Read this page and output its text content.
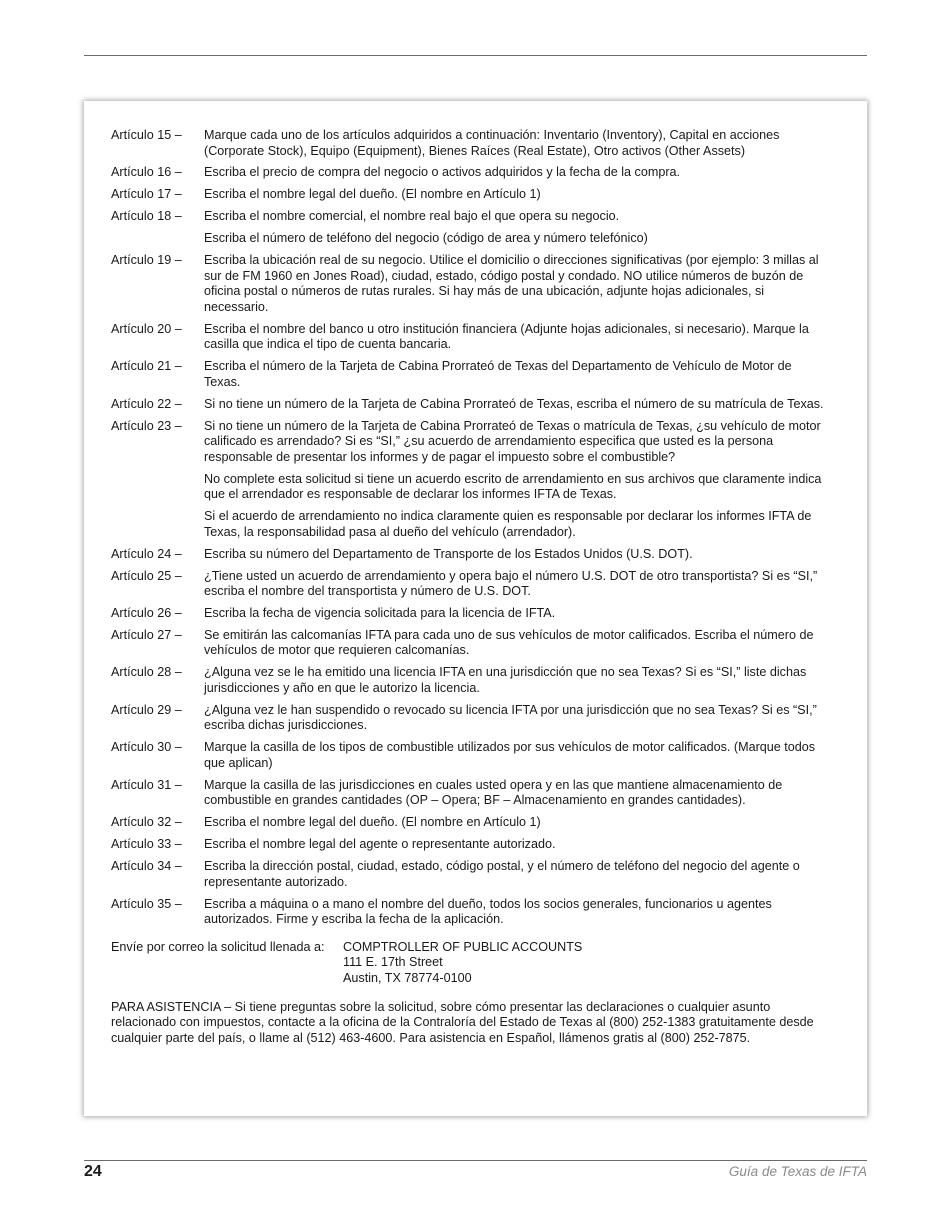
Artículo 15 –	Marque cada uno de los artículos adquiridos a continuación: Inventario (Inventory), Capital en acciones (Corporate Stock), Equipo (Equipment), Bienes Raíces (Real Estate), Otro activos (Other Assets)

Artículo 16 –	Escriba el precio de compra del negocio o activos adquiridos y la fecha de la compra.

Artículo 17 –	Escriba el nombre legal del dueño. (El nombre en Artículo 1)

Artículo 18 –	Escriba el nombre comercial, el nombre real bajo el que opera su negocio.

Escriba el número de teléfono del negocio (código de area y número telefónico)

Artículo 19 –	Escriba la ubicación real de su negocio. Utilice el domicilio o direcciones significativas (por ejemplo: 3 millas al sur de FM 1960 en Jones Road), ciudad, estado, código postal y condado. NO utilice números de buzón de oficina postal o números de rutas rurales. Si hay más de una ubicación, adjunte hojas adicionales, si necessario.

Artículo 20 –	Escriba el nombre del banco u otro institución financiera (Adjunte hojas adicionales, si necesario). Marque la casilla que indica el tipo de cuenta bancaria.

Artículo 21 –	Escriba el número de la Tarjeta de Cabina Prorrateó de Texas del Departamento de Vehículo de Motor de Texas.

Artículo 22 –	Si no tiene un número de la Tarjeta de Cabina Prorrateó de Texas, escriba el número de su matrícula de Texas.

Artículo 23 –	Si no tiene un número de la Tarjeta de Cabina Prorrateó de Texas o matrícula de Texas, ¿su vehículo de motor calificado es arrendado? Si es “SI,” ¿su acuerdo de arrendamiento especifica que usted es la persona responsable de presentar los informes y de pagar el impuesto sobre el combustible?

No complete esta solicitud si tiene un acuerdo escrito de arrendamiento en sus archivos que claramente indica que el arrendador es responsable de declarar los informes IFTA de Texas.

Si el acuerdo de arrendamiento no indica claramente quien es responsable por declarar los informes IFTA de Texas, la responsabilidad pasa al dueño del vehículo (arrendador).

Artículo 24 –	Escriba su número del Departamento de Transporte de los Estados Unidos (U.S. DOT).

Artículo 25 –	¿Tiene usted un acuerdo de arrendamiento y opera bajo el número U.S. DOT de otro transportista? Si es “SI,” escriba el nombre del transportista y número de U.S. DOT.

Artículo 26 –	Escriba la fecha de vigencia solicitada para la licencia de IFTA.

Artículo 27 –	Se emitirán las calcomanías IFTA para cada uno de sus vehículos de motor calificados. Escriba el número de vehículos de motor que requieren calcomanías.

Artículo 28 –	¿Alguna vez se le ha emitido una licencia IFTA en una jurisdicción que no sea Texas? Si es “SI,” liste dichas jurisdicciones y año en que le autorizo la licencia.

Artículo 29 –	¿Alguna vez le han suspendido o revocado su licencia IFTA por una jurisdicción que no sea Texas? Si es “SI,” escriba dichas jurisdicciones.

Artículo 30 –	Marque la casilla de los tipos de combustible utilizados por sus vehículos de motor calificados. (Marque todos que aplican)

Artículo 31 –	Marque la casilla de las jurisdicciones en cuales usted opera y en las que mantiene almacenamiento de combustible en grandes cantidades (OP – Opera; BF – Almacenamiento en grandes cantidades).

Artículo 32 –	Escriba el nombre legal del dueño. (El nombre en Artículo 1)

Artículo 33 –	Escriba el nombre legal del agente o representante autorizado.

Artículo 34 –	Escriba la dirección postal, ciudad, estado, código postal, y el número de teléfono del negocio del agente o representante autorizado.

Artículo 35 –	Escriba a máquina o a mano el nombre del dueño, todos los socios generales, funcionarios u agentes autorizados. Firme y escriba la fecha de la aplicación.

Envíe por correo la solicitud llenada a:	COMPTROLLER OF PUBLIC ACCOUNTS
111 E. 17th Street
Austin, TX 78774-0100

PARA ASISTENCIA – Si tiene preguntas sobre la solicitud, sobre cómo presentar las declaraciones o cualquier asunto relacionado con impuestos, contacte a la oficina de la Contraloría del Estado de Texas al (800) 252-1383 gratuitamente desde cualquier parte del país, o llame al (512) 463-4600. Para asistencia en Español, llámenos gratis al (800) 252-7875.

24	Guía de Texas de IFTA
